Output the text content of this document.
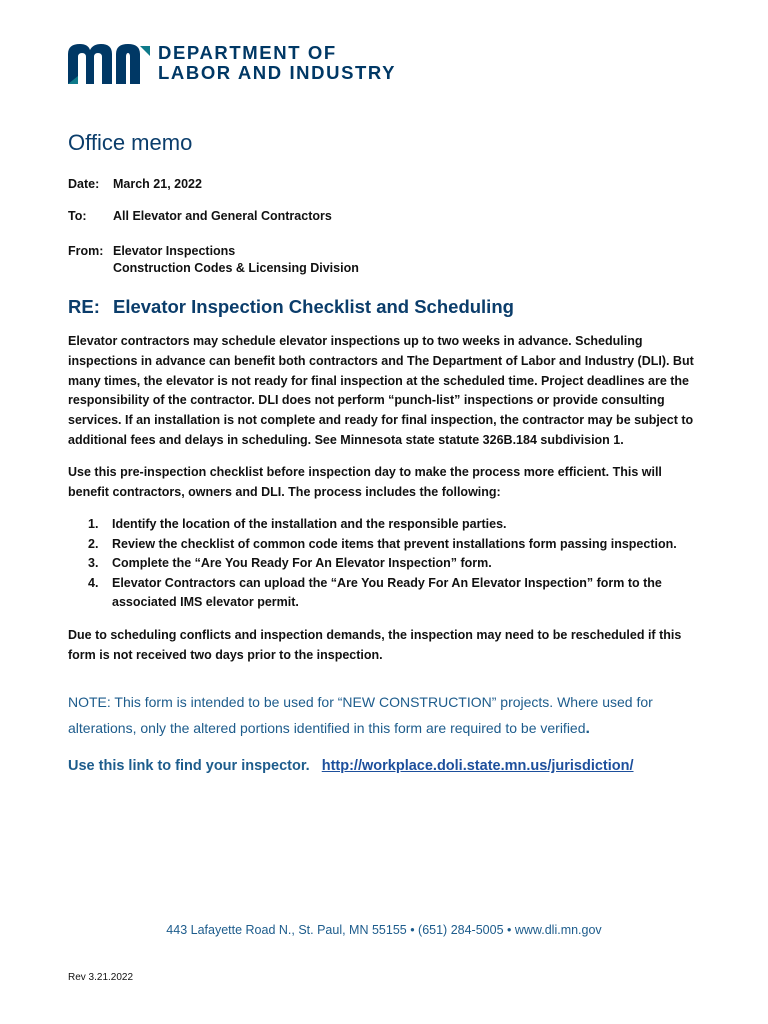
DEPARTMENT OF
LABOR AND INDUSTRY
Office memo
Date:	March 21, 2022
To:	All Elevator and General Contractors
From: Elevator Inspections
Construction Codes & Licensing Division
RE: Elevator Inspection Checklist and Scheduling
Elevator contractors may schedule elevator inspections up to two weeks in advance. Scheduling inspections in advance can benefit both contractors and The Department of Labor and Industry (DLI). But many times, the elevator is not ready for final inspection at the scheduled time. Project deadlines are the responsibility of the contractor. DLI does not perform “punch-list” inspections or provide consulting services. If an installation is not complete and ready for final inspection, the contractor may be subject to additional fees and delays in scheduling. See Minnesota state statute 326B.184 subdivision 1.
Use this pre-inspection checklist before inspection day to make the process more efficient. This will benefit contractors, owners and DLI. The process includes the following:
1. Identify the location of the installation and the responsible parties.
2. Review the checklist of common code items that prevent installations form passing inspection.
3. Complete the “Are You Ready For An Elevator Inspection” form.
4. Elevator Contractors can upload the “Are You Ready For An Elevator Inspection” form to the associated IMS elevator permit.
Due to scheduling conflicts and inspection demands, the inspection may need to be rescheduled if this form is not received two days prior to the inspection.
NOTE: This form is intended to be used for “NEW CONSTRUCTION” projects. Where used for alterations, only the altered portions identified in this form are required to be verified.
Use this link to find your inspector. http://workplace.doli.state.mn.us/jurisdiction/
443 Lafayette Road N., St. Paul, MN 55155 • (651) 284-5005 • www.dli.mn.gov
Rev 3.21.2022
